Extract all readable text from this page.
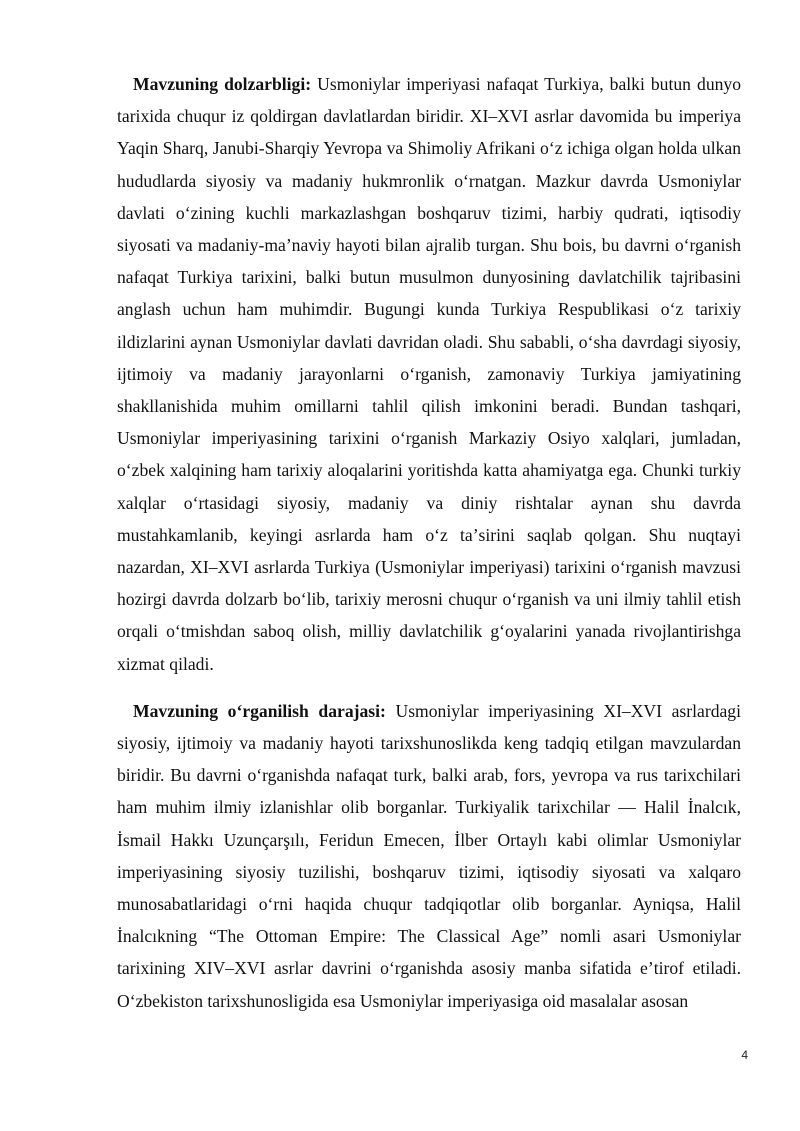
Mavzuning dolzarbligi: Usmoniylar imperiyasi nafaqat Turkiya, balki butun dunyo tarixida chuqur iz qoldirgan davlatlardan biridir. XI–XVI asrlar davomida bu imperiya Yaqin Sharq, Janubi-Sharqiy Yevropa va Shimoliy Afrikani oʻz ichiga olgan holda ulkan hududlarda siyosiy va madaniy hukmronlik oʻrnatgan. Mazkur davrda Usmoniylar davlati oʻzining kuchli markazlashgan boshqaruv tizimi, harbiy qudrati, iqtisodiy siyosati va madaniy-maʼnaviy hayoti bilan ajralib turgan. Shu bois, bu davrni oʻrganish nafaqat Turkiya tarixini, balki butun musulmon dunyosining davlatchilik tajribasini anglash uchun ham muhimdir. Bugungi kunda Turkiya Respublikasi oʻz tarixiy ildizlarini aynan Usmoniylar davlati davridan oladi. Shu sababli, oʻsha davrdagi siyosiy, ijtimoiy va madaniy jarayonlarni oʻrganish, zamonaviy Turkiya jamiyatining shakllanishida muhim omillarni tahlil qilish imkonini beradi. Bundan tashqari, Usmoniylar imperiyasining tarixini oʻrganish Markaziy Osiyo xalqlari, jumladan, oʻzbek xalqining ham tarixiy aloqalarini yoritishda katta ahamiyatga ega. Chunki turkiy xalqlar oʻrtasidagi siyosiy, madaniy va diniy rishtalar aynan shu davrda mustahkamlanib, keyingi asrlarda ham oʻz taʼsirini saqlab qolgan. Shu nuqtayi nazardan, XI–XVI asrlarda Turkiya (Usmoniylar imperiyasi) tarixini oʻrganish mavzusi hozirgi davrda dolzarb boʻlib, tarixiy merosni chuqur oʻrganish va uni ilmiy tahlil etish orqali oʻtmishdan saboq olish, milliy davlatchilik gʻoyalarini yanada rivojlantirishga xizmat qiladi.

Mavzuning oʻrganilish darajasi: Usmoniylar imperiyasining XI–XVI asrlardagi siyosiy, ijtimoiy va madaniy hayoti tarixshunoslikda keng tadqiq etilgan mavzulardan biridir. Bu davrni oʻrganishda nafaqat turk, balki arab, fors, yevropa va rus tarixchilari ham muhim ilmiy izlanishlar olib borganlar. Turkiyalik tarixchilar — Halil İnalcık, İsmail Hakkı Uzunçarşılı, Feridun Emecen, İlber Ortaylı kabi olimlar Usmoniylar imperiyasining siyosiy tuzilishi, boshqaruv tizimi, iqtisodiy siyosati va xalqaro munosabatlaridagi oʻrni haqida chuqur tadqiqotlar olib borganlar. Ayniqsa, Halil İnalcıkning “The Ottoman Empire: The Classical Age” nomli asari Usmoniylar tarixining XIV–XVI asrlar davrini oʻrganishda asosiy manba sifatida eʼtirof etiladi. Oʻzbekiston tarixshunosligida esa Usmoniylar imperiyasiga oid masalalar asosan

4
